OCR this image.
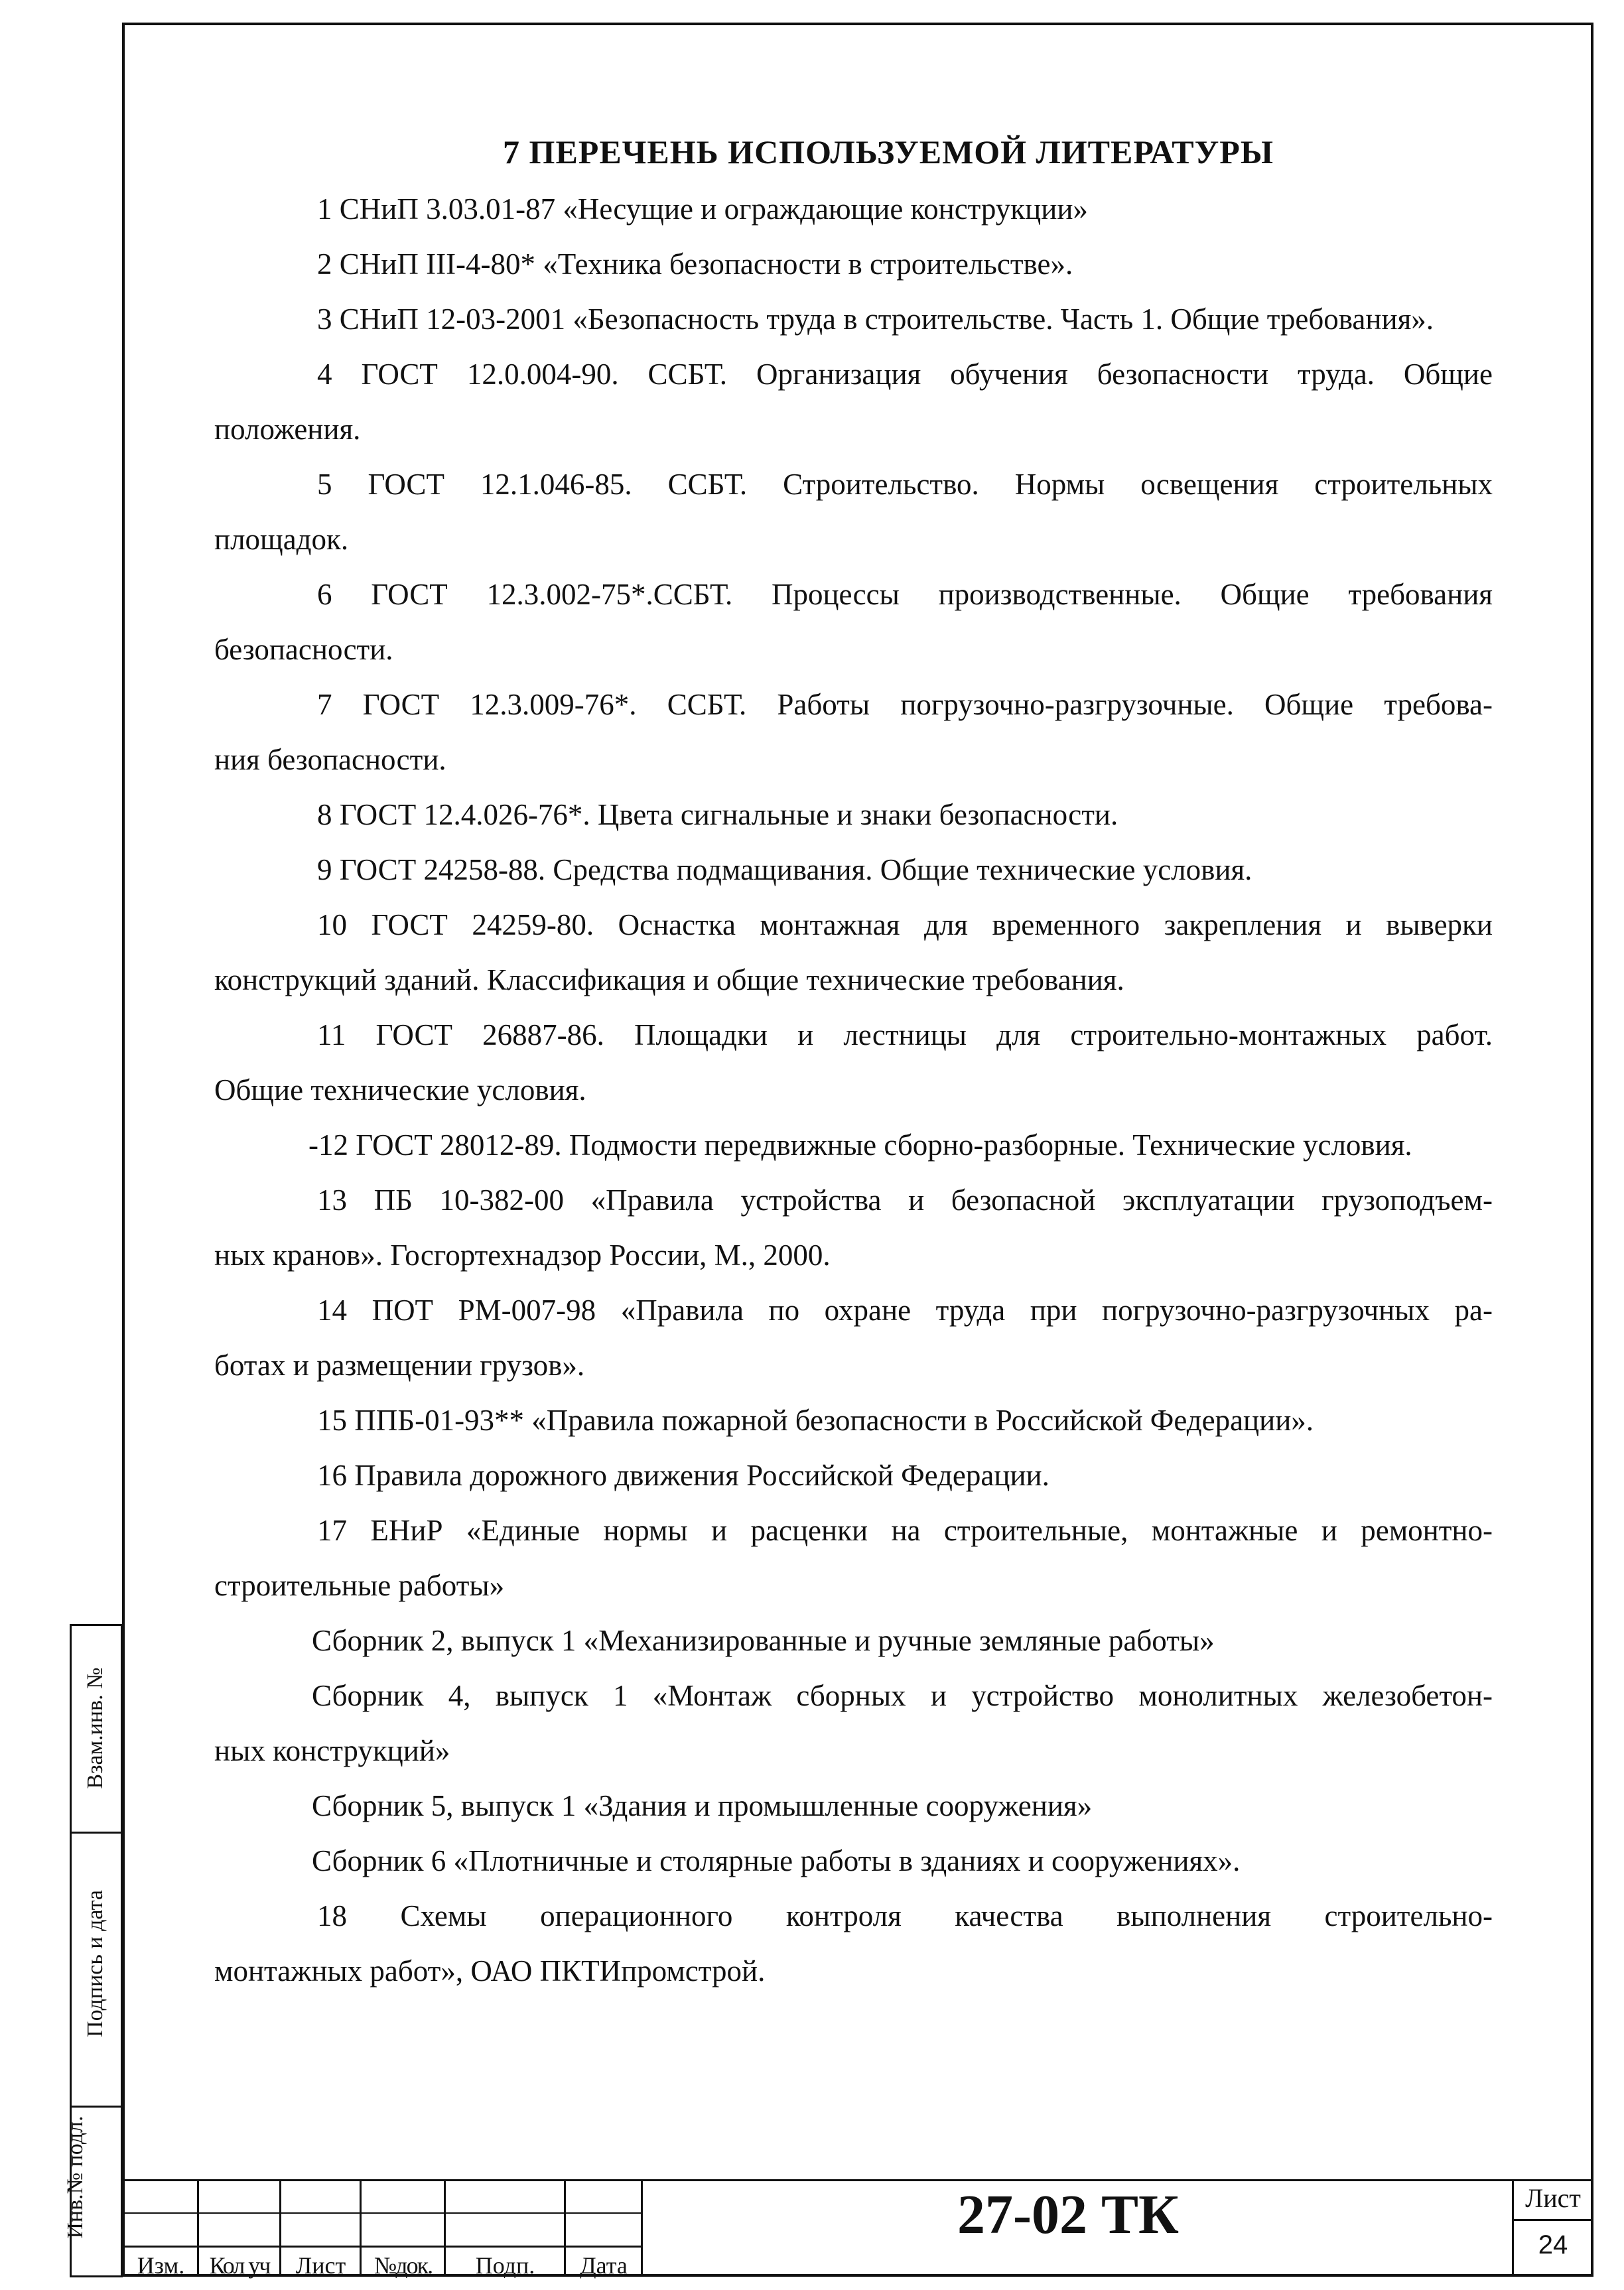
7 ПЕРЕЧЕНЬ ИСПОЛЬЗУЕМОЙ ЛИТЕРАТУРЫ
1 СНиП 3.03.01-87 «Несущие и ограждающие конструкции»
2 СНиП III-4-80* «Техника безопасности в строительстве».
3 СНиП 12-03-2001 «Безопасность труда в строительстве. Часть 1. Общие требования».
4 ГОСТ 12.0.004-90. ССБТ. Организация обучения безопасности труда. Общие
положения.
5 ГОСТ 12.1.046-85. ССБТ. Строительство. Нормы освещения строительных
площадок.
6 ГОСТ 12.3.002-75*.ССБТ. Процессы производственные. Общие требования
безопасности.
7 ГОСТ 12.3.009-76*. ССБТ. Работы погрузочно-разгрузочные. Общие требова-
ния безопасности.
8 ГОСТ 12.4.026-76*. Цвета сигнальные и знаки безопасности.
9 ГОСТ 24258-88. Средства подмащивания. Общие технические условия.
10 ГОСТ 24259-80. Оснастка монтажная для временного закрепления и выверки
конструкций зданий. Классификация и общие технические требования.
11 ГОСТ 26887-86. Площадки и лестницы для строительно-монтажных работ.
Общие технические условия.
-12 ГОСТ 28012-89. Подмости передвижные сборно-разборные. Технические условия.
13 ПБ 10-382-00 «Правила устройства и безопасной эксплуатации грузоподъем-
ных кранов». Госгортехнадзор России, М., 2000.
14 ПОТ РМ-007-98 «Правила по охране труда при погрузочно-разгрузочных ра-
ботах и размещении грузов».
15 ППБ-01-93** «Правила пожарной безопасности в Российской Федерации».
16 Правила дорожного движения Российской Федерации.
17 ЕНиР «Единые нормы и расценки на строительные, монтажные и ремонтно-
строительные работы»
Сборник 2, выпуск 1 «Механизированные и ручные земляные работы»
Сборник 4, выпуск 1 «Монтаж сборных и устройство монолитных железобетон-
ных конструкций»
Сборник 5, выпуск 1 «Здания и промышленные сооружения»
Сборник 6 «Плотничные и столярные работы в зданиях и сооружениях».
18 Схемы операционного контроля качества выполнения строительно-
монтажных работ», ОАО ПКТИпромстрой.
Взам.инв. №
Подпись и дата
Инв.№ подл.
Изм.	Кол уч	Лист	№док.	Подп.	Дата
27-02 ТК	Лист
24
